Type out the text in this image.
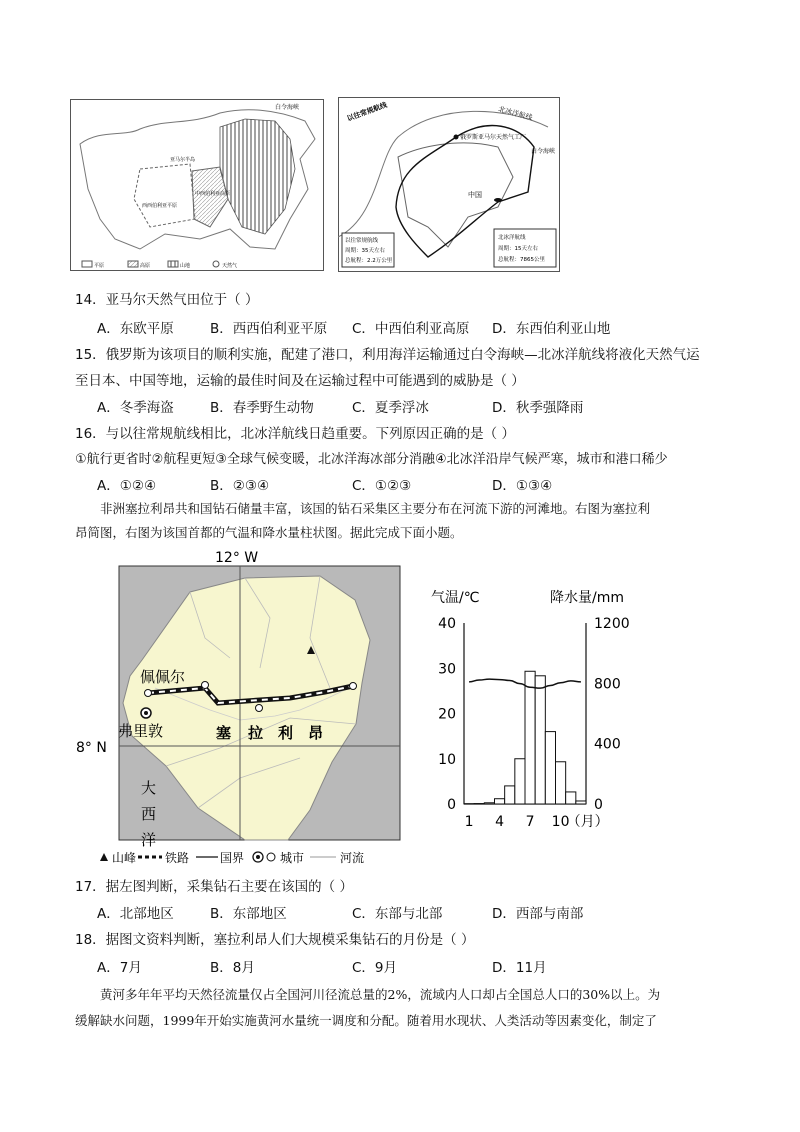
白令海峡
亚马尔半岛
西西伯利亚平原
中西伯利亚高原
平原	高原	山地	天然气
以往常规航线	北冰洋航线
俄罗斯亚马尔天然气工厂
白令海峡
中国
以往常规航线
周期：35天左右
总航程：2.2万公里
北冰洋航线
周期：15天左右
总航程：7865公里
14．亚马尔天然气田位于（ ）
A．东欧平原	B．西西伯利亚平原 C．中西伯利亚高原 D．东西伯利亚山地
15．俄罗斯为该项目的顺利实施，配建了港口，利用海洋运输通过白令海峡—北冰洋航线将液化天然气运
至日本、中国等地，运输的最佳时间及在运输过程中可能遇到的威胁是（ ）
A．冬季海盗	B．春季野生动物	C．夏季浮冰	D．秋季强降雨
16．与以往常规航线相比，北冰洋航线日趋重要。下列原因正确的是（ ）
①航行更省时②航程更短③全球气候变暖，北冰洋海冰部分消融④北冰洋沿岸气候严寒，城市和港口稀少
A．①②④	B．②③④	C．①②③	D．①③④
非洲塞拉利昂共和国钻石储量丰富，该国的钻石采集区主要分布在河流下游的河滩地。右图为塞拉利
昂简图，右图为该国首都的气温和降水量柱状图。据此完成下面小题。
12° W
8° N
佩佩尔
弗里敦	塞 拉 利 昂
大
西
洋
山峰 铁路	国界	城市	河流
气温/℃	降水量/mm
0
10
20
30
40
0
400
800
1200
1 4 7 10
（月）
17．据左图判断，采集钻石主要在该国的（ ）
A．北部地区	B．东部地区	C．东部与北部	D．西部与南部
18．据图文资料判断，塞拉利昂人们大规模采集钻石的月份是（ ）
A．7月	B．8月	C．9月	D．11月
黄河多年年平均天然径流量仅占全国河川径流总量的2%，流域内人口却占全国总人口的30%以上。为
缓解缺水问题，1999年开始实施黄河水量统一调度和分配。随着用水现状、人类活动等因素变化，制定了
